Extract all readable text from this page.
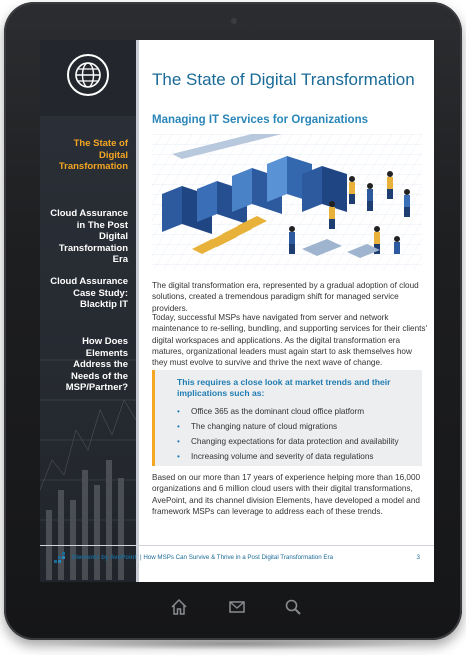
The State of Digital Transformation
Cloud Assurance in The Post Digital Transformation Era
Cloud Assurance Case Study: Blacktip IT
How Does Elements Address the Needs of the MSP/Partner?
The State of Digital Transformation
Managing IT Services for Organizations
The digital transformation era, represented by a gradual adoption of cloud solutions, created a tremendous paradigm shift for managed service providers.
Today, successful MSPs have navigated from server and network maintenance to re-selling, bundling, and supporting services for their clients' digital workspaces and applications. As the digital transformation era matures, organizational leaders must again start to ask themselves how they must evolve to survive and thrive the next wave of change.
This requires a close look at market trends and their implications such as:
• Office 365 as the dominant cloud office platform
• The changing nature of cloud migrations
• Changing expectations for data protection and availability
• Increasing volume and severity of data regulations
Based on our more than 17 years of experience helping more than 16,000 organizations and 6 million cloud users with their digital transformations, AvePoint, and its channel division Elements, have developed a model and framework MSPs can leverage to address each of these trends.
Elements by AvePoint | How MSPs Can Survive & Thrive in a Post Digital Transformation Era	3
